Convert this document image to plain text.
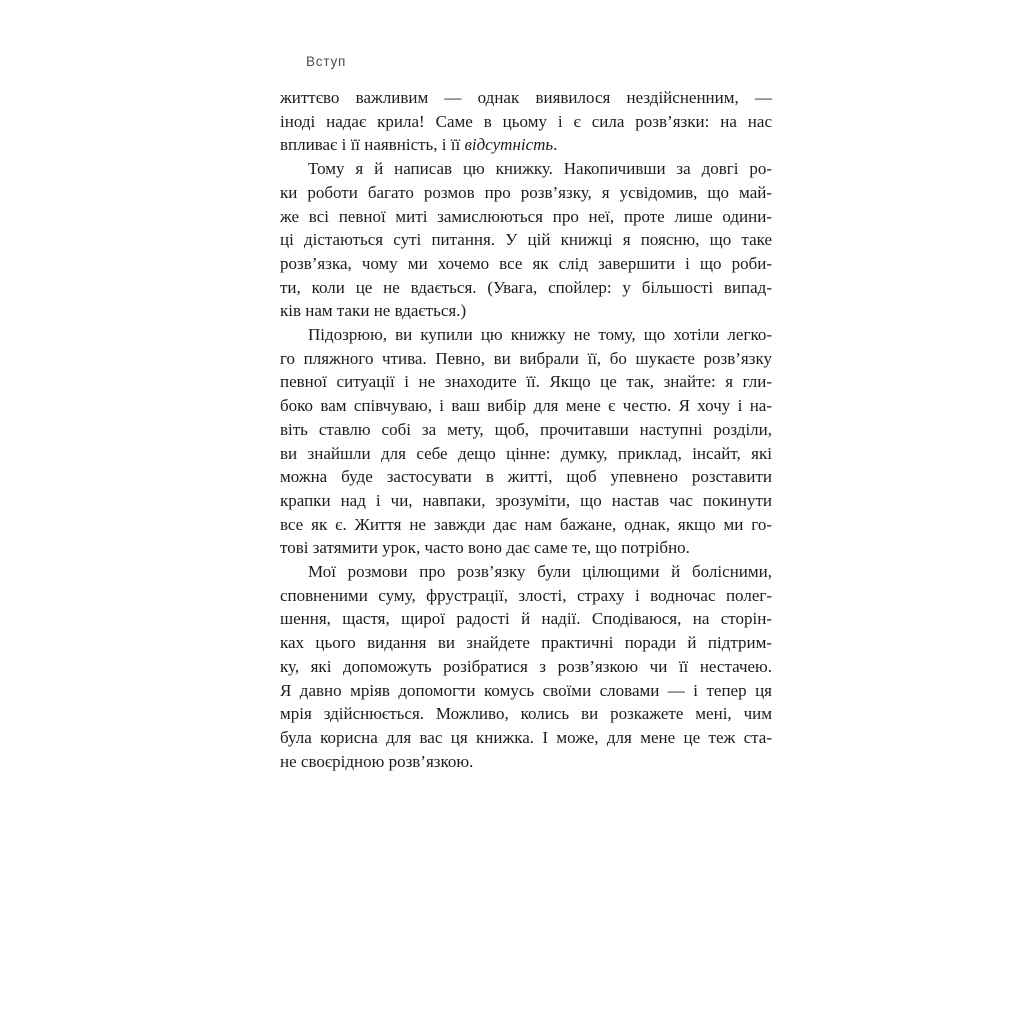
Вступ
життєво важливим — однак виявилося нездійсненним, —
іноді надає крила! Саме в цьому і є сила розв’язки: на нас
впливає і її наявність, і її відсутність.
Тому я й написав цю книжку. Накопичивши за довгі ро-
ки роботи багато розмов про розв’язку, я усвідомив, що май-
же всі певної миті замислюються про неї, проте лише одини-
ці дістаються суті питання. У цій книжці я поясню, що таке
розв’язка, чому ми хочемо все як слід завершити і що роби-
ти, коли це не вдається. (Увага, спойлер: у більшості випад-
ків нам таки не вдається.)
Підозрюю, ви купили цю книжку не тому, що хотіли легко-
го пляжного чтива. Певно, ви вибрали її, бо шукаєте розв’язку
певної ситуації і не знаходите її. Якщо це так, знайте: я гли-
боко вам співчуваю, і ваш вибір для мене є честю. Я хочу і на-
віть ставлю собі за мету, щоб, прочитавши наступні розділи,
ви знайшли для себе дещо цінне: думку, приклад, інсайт, які
можна буде застосувати в житті, щоб упевнено розставити
крапки над і чи, навпаки, зрозуміти, що настав час покинути
все як є. Життя не завжди дає нам бажане, однак, якщо ми го-
тові затямити урок, часто воно дає саме те, що потрібно.
Мої розмови про розв’язку були цілющими й болісними,
сповненими суму, фрустрації, злості, страху і водночас полег-
шення, щастя, щирої радості й надії. Сподіваюся, на сторін-
ках цього видання ви знайдете практичні поради й підтрим-
ку, які допоможуть розібратися з розв’язкою чи її нестачею.
Я давно мріяв допомогти комусь своїми словами — і тепер ця
мрія здійснюється. Можливо, колись ви розкажете мені, чим
була корисна для вас ця книжка. І може, для мене це теж ста-
не своєрідною розв’язкою.
